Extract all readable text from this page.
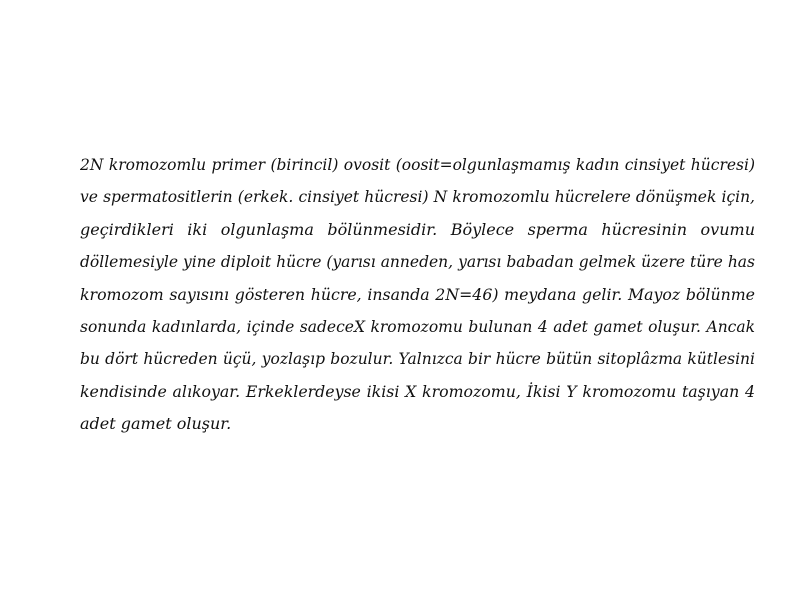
2N kromozomlu primer (birincil) ovosit (oosit=olgunlaşmamış kadın cinsiyet hücresi)
ve spermatositlerin (erkek. cinsiyet hücresi) N kromozomlu hücrelere dönüşmek için,
geçirdikleri iki olgunlaşma bölünmesidir. Böylece sperma hücresinin ovumu
döllemesiyle yine diploit hücre (yarısı anneden, yarısı babadan gelmek üzere türe has
kromozom sayısını gösteren hücre, insanda 2N=46) meydana gelir. Mayoz bölünme
sonunda kadınlarda, içinde sadeceX kromozomu bulunan 4 adet gamet oluşur. Ancak
bu dört hücreden üçü, yozlaşıp bozulur. Yalnızca bir hücre bütün sitoplâzma kütlesini
kendisinde alıkoyar. Erkeklerdeyse ikisi X kromozomu, İkisi Y kromozomu taşıyan 4
adet gamet oluşur.
